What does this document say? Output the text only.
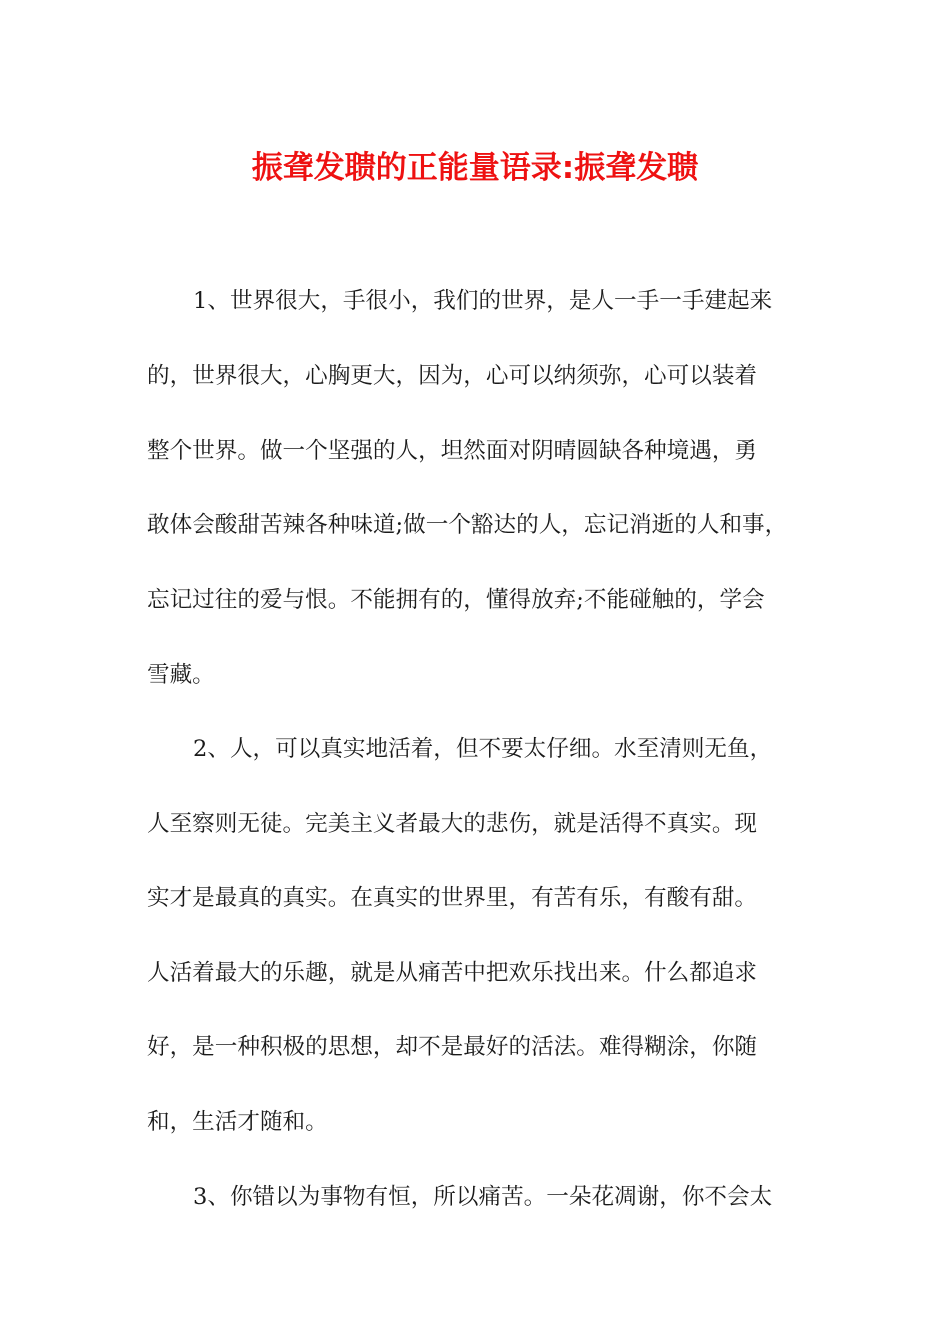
振聋发聩的正能量语录:振聋发聩

1、世界很大，手很小，我们的世界，是人一手一手建起来

的，世界很大，心胸更大，因为，心可以纳须弥，心可以装着

整个世界。做一个坚强的人，坦然面对阴晴圆缺各种境遇，勇

敢体会酸甜苦辣各种味道;做一个豁达的人，忘记消逝的人和事，

忘记过往的爱与恨。不能拥有的，懂得放弃;不能碰触的，学会

雪藏。

2、人，可以真实地活着，但不要太仔细。水至清则无鱼，

人至察则无徒。完美主义者最大的悲伤，就是活得不真实。现

实才是最真的真实。在真实的世界里，有苦有乐，有酸有甜。

人活着最大的乐趣，就是从痛苦中把欢乐找出来。什么都追求

好，是一种积极的思想，却不是最好的活法。难得糊涂，你随

和，生活才随和。

3、你错以为事物有恒，所以痛苦。一朵花凋谢，你不会太
